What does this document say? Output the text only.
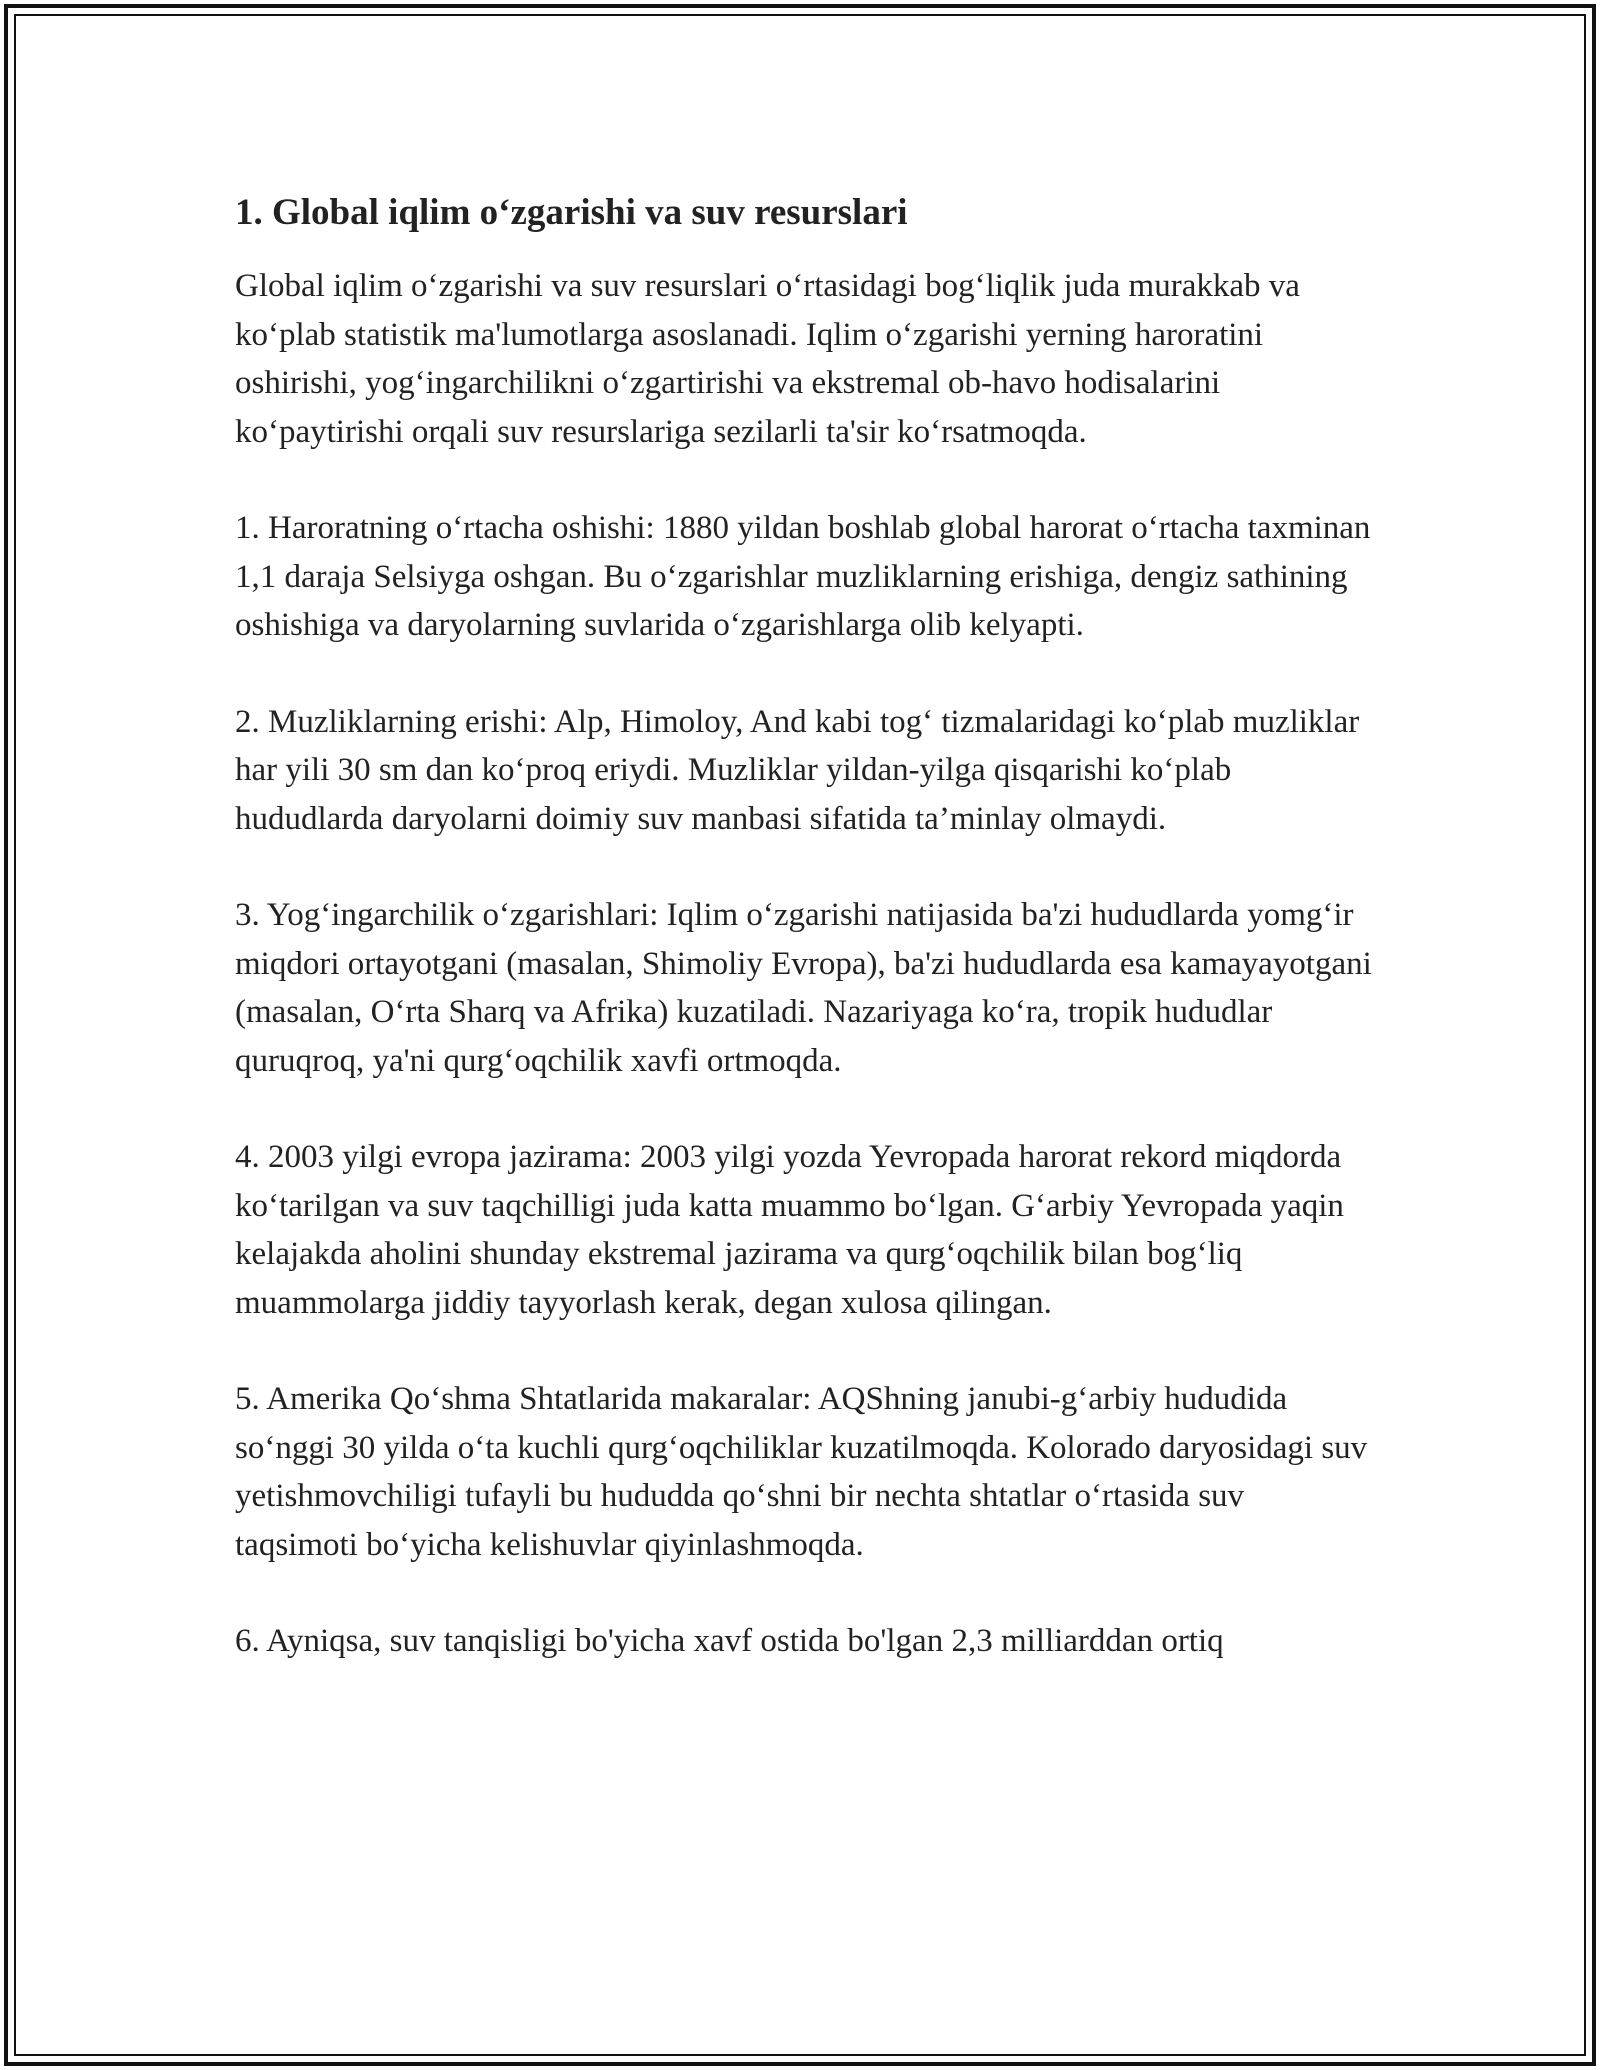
1. Global iqlim o‘zgarishi va suv resurslari

Global iqlim o‘zgarishi va suv resurslari o‘rtasidagi bog‘liqlik juda murakkab va ko‘plab statistik ma'lumotlarga asoslanadi. Iqlim o‘zgarishi yerning haroratini oshirishi, yog‘ingarchilikni o‘zgartirishi va ekstremal ob-havo hodisalarini ko‘paytirishi orqali suv resurslariga sezilarli ta'sir ko‘rsatmoqda.

1. Haroratning o‘rtacha oshishi: 1880 yildan boshlab global harorat o‘rtacha taxminan 1,1 daraja Selsiyga oshgan. Bu o‘zgarishlar muzliklarning erishiga, dengiz sathining oshishiga va daryolarning suvlarida o‘zgarishlarga olib kelyapti.

2. Muzliklarning erishi: Alp, Himoloy, And kabi tog‘ tizmalaridagi ko‘plab muzliklar har yili 30 sm dan ko‘proq eriydi. Muzliklar yildan-yilga qisqarishi ko‘plab hududlarda daryolarni doimiy suv manbasi sifatida ta’minlay olmaydi.

3. Yog‘ingarchilik o‘zgarishlari: Iqlim o‘zgarishi natijasida ba'zi hududlarda yomg‘ir miqdori ortayotgani (masalan, Shimoliy Evropa), ba'zi hududlarda esa kamayayotgani (masalan, O‘rta Sharq va Afrika) kuzatiladi. Nazariyaga ko‘ra, tropik hududlar quruqroq, ya'ni qurg‘oqchilik xavfi ortmoqda.

4. 2003 yilgi evropa jazirama: 2003 yilgi yozda Yevropada harorat rekord miqdorda ko‘tarilgan va suv taqchilligi juda katta muammo bo‘lgan. G‘arbiy Yevropada yaqin kelajakda aholini shunday ekstremal jazirama va qurg‘oqchilik bilan bog‘liq muammolarga jiddiy tayyorlash kerak, degan xulosa qilingan.

5. Amerika Qo‘shma Shtatlarida makaralar: AQShning janubi-g‘arbiy hududida so‘nggi 30 yilda o‘ta kuchli qurg‘oqchiliklar kuzatilmoqda. Kolorado daryosidagi suv yetishmovchiligi tufayli bu hududda qo‘shni bir nechta shtatlar o‘rtasida suv taqsimoti bo‘yicha kelishuvlar qiyinlashmoqda.

6. Ayniqsa, suv tanqisligi bo'yicha xavf ostida bo'lgan 2,3 milliarddan ortiq
